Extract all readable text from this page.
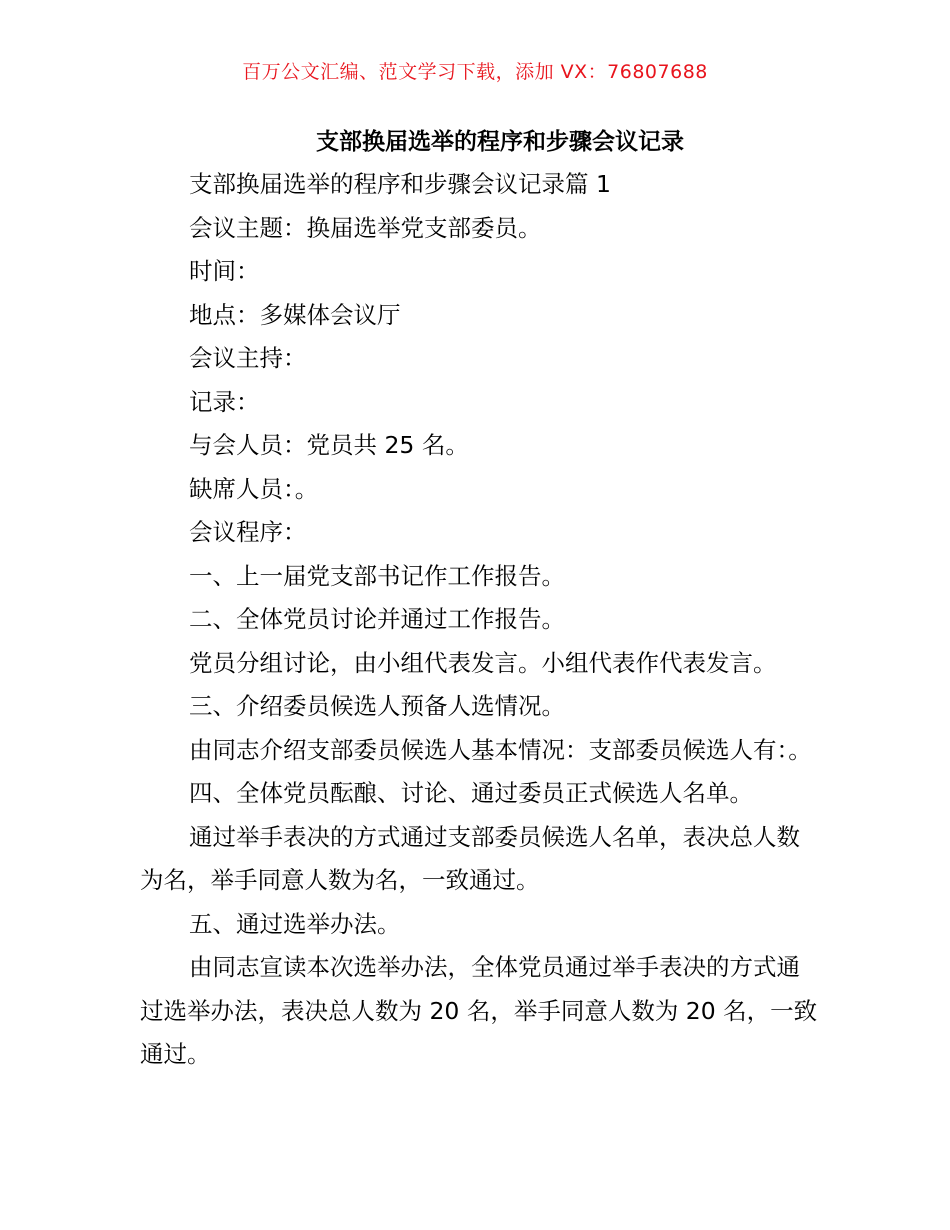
百万公文汇编、范文学习下载，添加 VX：76807688
支部换届选举的程序和步骤会议记录

支部换届选举的程序和步骤会议记录篇 1

会议主题：换届选举党支部委员。

时间：

地点：多媒体会议厅

会议主持：

记录：

与会人员：党员共 25 名。

缺席人员：。

会议程序：

一、上一届党支部书记作工作报告。

二、全体党员讨论并通过工作报告。

党员分组讨论，由小组代表发言。小组代表作代表发言。

三、介绍委员候选人预备人选情况。

由同志介绍支部委员候选人基本情况：支部委员候选人有：。

四、全体党员酝酿、讨论、通过委员正式候选人名单。

通过举手表决的方式通过支部委员候选人名单，表决总人数为名，举手同意人数为名，一致通过。

五、通过选举办法。

由同志宣读本次选举办法，全体党员通过举手表决的方式通过选举办法，表决总人数为 20 名，举手同意人数为 20 名，一致通过。
